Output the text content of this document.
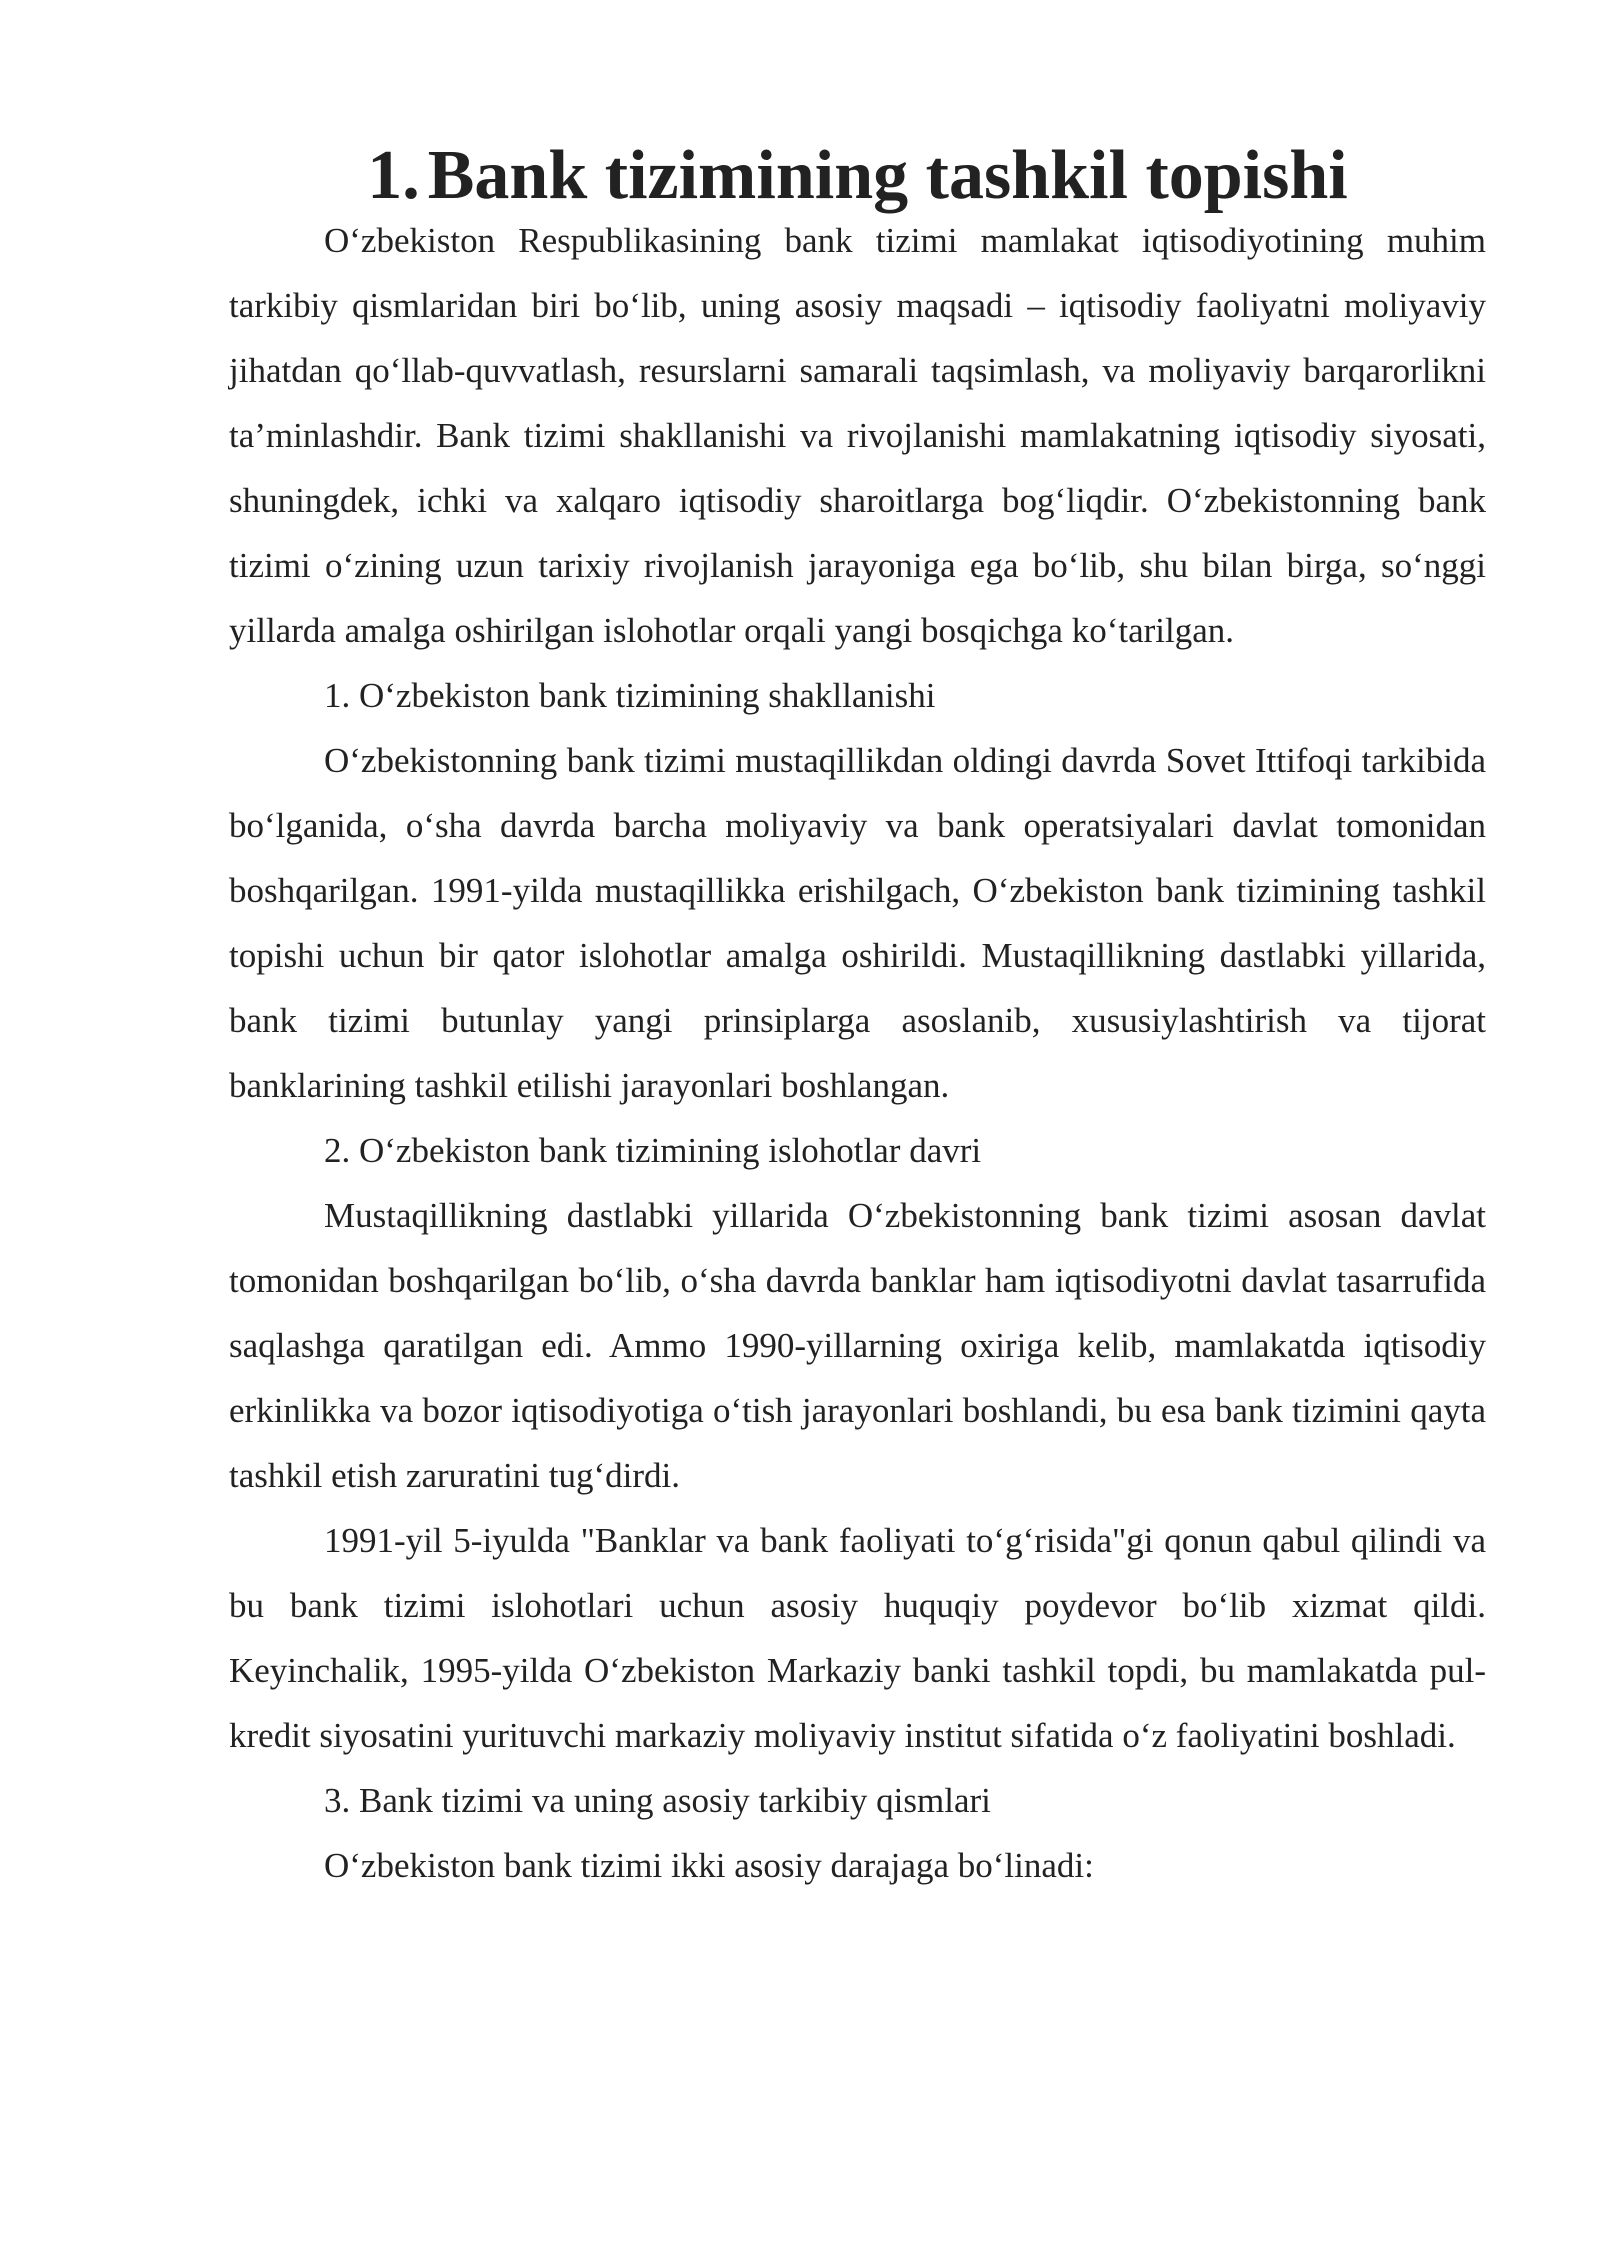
1. Bank tizimining tashkil topishi

O‘zbekiston Respublikasining bank tizimi mamlakat iqtisodiyotining muhim tarkibiy qismlaridan biri bo‘lib, uning asosiy maqsadi – iqtisodiy faoliyatni moliyaviy jihatdan qo‘llab-quvvatlash, resurslarni samarali taqsimlash, va moliyaviy barqarorlikni ta’minlashdir. Bank tizimi shakllanishi va rivojlanishi mamlakatning iqtisodiy siyosati, shuningdek, ichki va xalqaro iqtisodiy sharoitlarga bog‘liqdir. O‘zbekistonning bank tizimi o‘zining uzun tarixiy rivojlanish jarayoniga ega bo‘lib, shu bilan birga, so‘nggi yillarda amalga oshirilgan islohotlar orqali yangi bosqichga ko‘tarilgan.

1. O‘zbekiston bank tizimining shakllanishi

O‘zbekistonning bank tizimi mustaqillikdan oldingi davrda Sovet Ittifoqi tarkibida bo‘lganida, o‘sha davrda barcha moliyaviy va bank operatsiyalari davlat tomonidan boshqarilgan. 1991-yilda mustaqillikka erishilgach, O‘zbekiston bank tizimining tashkil topishi uchun bir qator islohotlar amalga oshirildi. Mustaqillikning dastlabki yillarida, bank tizimi butunlay yangi prinsiplarga asoslanib, xususiylashtirish va tijorat banklarining tashkil etilishi jarayonlari boshlangan.

2. O‘zbekiston bank tizimining islohotlar davri

Mustaqillikning dastlabki yillarida O‘zbekistonning bank tizimi asosan davlat tomonidan boshqarilgan bo‘lib, o‘sha davrda banklar ham iqtisodiyotni davlat tasarrufida saqlashga qaratilgan edi. Ammo 1990-yillarning oxiriga kelib, mamlakatda iqtisodiy erkinlikka va bozor iqtisodiyotiga o‘tish jarayonlari boshlandi, bu esa bank tizimini qayta tashkil etish zaruratini tug‘dirdi.

1991-yil 5-iyulda "Banklar va bank faoliyati to‘g‘risida"gi qonun qabul qilindi va bu bank tizimi islohotlari uchun asosiy huquqiy poydevor bo‘lib xizmat qildi. Keyinchalik, 1995-yilda O‘zbekiston Markaziy banki tashkil topdi, bu mamlakatda pul-kredit siyosatini yurituvchi markaziy moliyaviy institut sifatida o‘z faoliyatini boshladi.

3. Bank tizimi va uning asosiy tarkibiy qismlari

O‘zbekiston bank tizimi ikki asosiy darajaga bo‘linadi:
